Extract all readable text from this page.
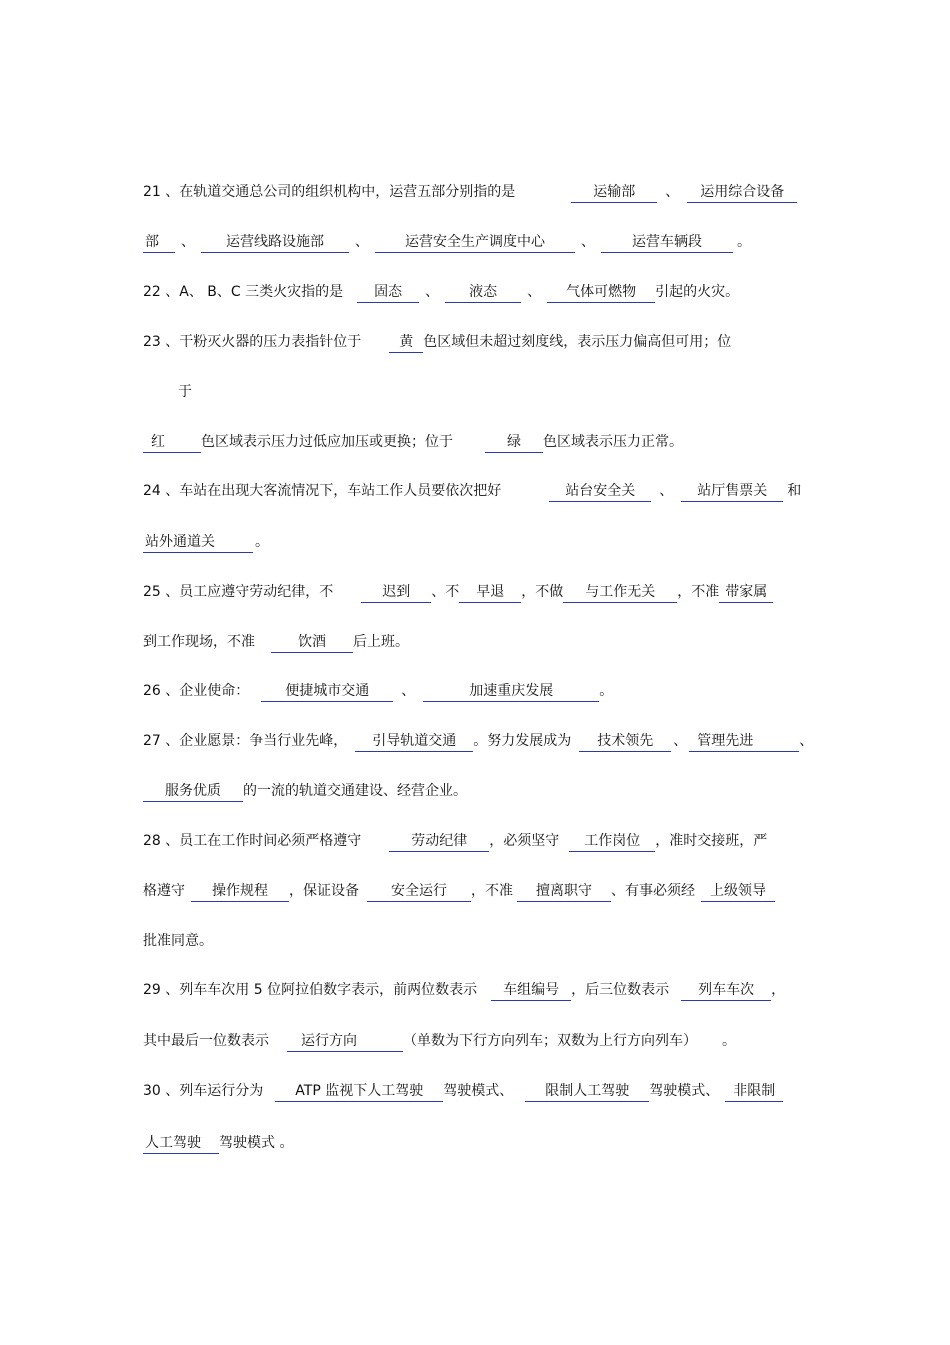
21 、在轨道交通总公司的组织机构中，运营五部分别指的是	运输部 、 运用综合设备
部 、 运营线路设施部 、	运营安全生产调度中心	、	运营车辆段	。
22 、A、 B、C 三类火灾指的是 固态 、 液态 、 气体可燃物 引起的火灾。
23 、干粉灭火器的压力表指针位于	黄 色区域但未超过刻度线，表示压力偏高但可用；位
于
红	色区域表示压力过低应加压或更换；位于	绿 色区域表示压力正常。
24 、车站在出现大客流情况下，车站工作人员要依次把好	站台安全关 、 站厅售票关 和
站外通道关	。
25 、员工应遵守劳动纪律，不	迟到 、不 早退 ，不做 与工作无关 ，不准 带家属
到工作现场，不准	饮酒 后上班。
26 、企业使命：	便捷城市交通 、	加速重庆发展	。
27 、企业愿景：争当行业先峰， 引导轨道交通 。努力发展成为 技术领先 、 管理先进	、
服务优质 的一流的轨道交通建设、经营企业。
28 、员工在工作时间必须严格遵守	劳动纪律 ，必须坚守 工作岗位 ，准时交接班，严
格遵守 操作规程 ，保证设备 安全运行 ，不准 擅离职守 、有事必须经 上级领导
批准同意。
29 、列车车次用 5 位阿拉伯数字表示，前两位数表示 车组编号 ，后三位数表示 列车车次 ，
其中最后一位数表示 运行方向	（单数为下行方向列车；双数为上行方向列车） 。
30 、列车运行分为 ATP 监视下人工驾驶 驾驶模式、 限制人工驾驶 驾驶模式、 非限制
人工驾驶 驾驶模式 。
